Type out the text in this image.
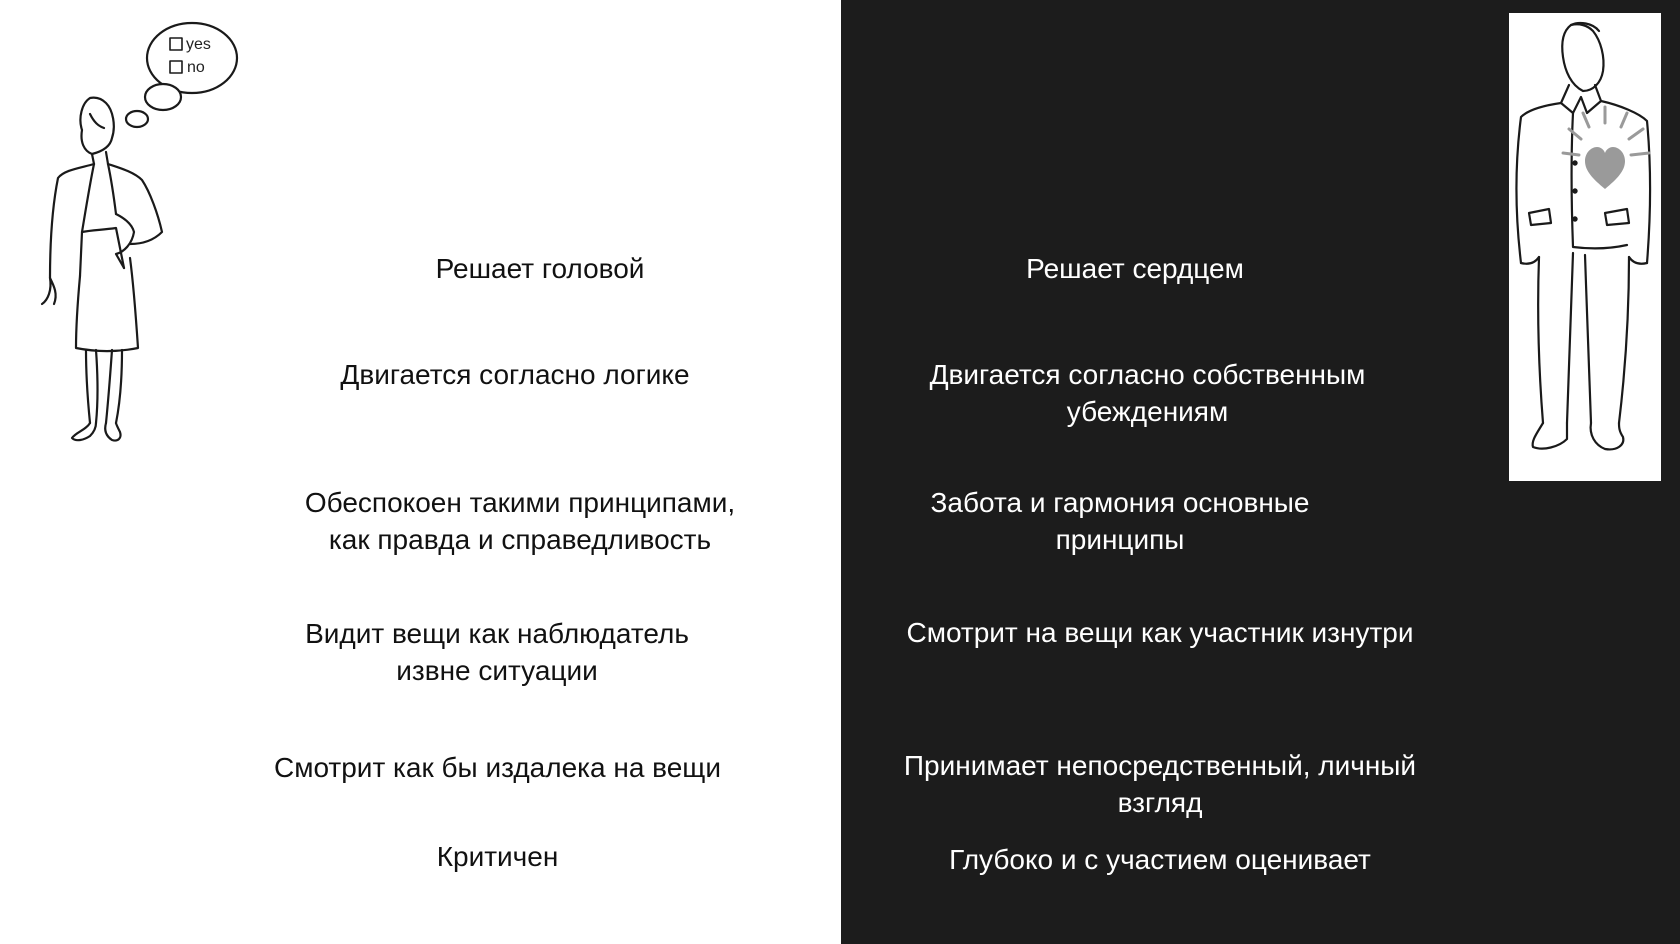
yes
no
Решает головой
Двигается согласно логике
Обеспокоен такими принципами,
как правда и справедливость
Видит вещи как наблюдатель
извне ситуации
Смотрит как бы издалека на вещи
Критичен
Решает сердцем
Двигается согласно собственным
убеждениям
Забота и гармония основные
принципы
Смотрит на вещи как участник изнутри
Принимает непосредственный, личный
взгляд
Глубоко и с участием оценивает
